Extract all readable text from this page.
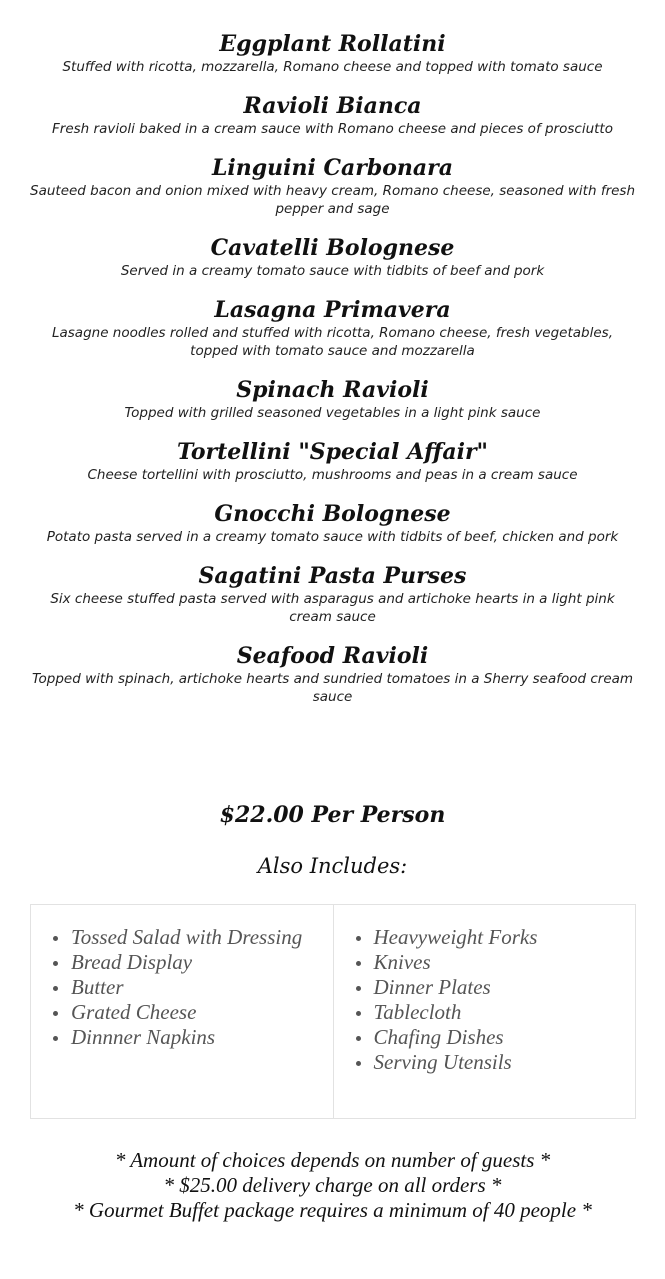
Eggplant Rollatini

Stuffed with ricotta, mozzarella, Romano cheese and topped with tomato sauce

Ravioli Bianca

Fresh ravioli baked in a cream sauce with Romano cheese and pieces of prosciutto

Linguini Carbonara

Sauteed bacon and onion mixed with heavy cream, Romano cheese, seasoned with fresh pepper and sage

Cavatelli Bolognese

Served in a creamy tomato sauce with tidbits of beef and pork

Lasagna Primavera

Lasagne noodles rolled and stuffed with ricotta, Romano cheese, fresh vegetables, topped with tomato sauce and mozzarella

Spinach Ravioli

Topped with grilled seasoned vegetables in a light pink sauce

Tortellini "Special Affair"

Cheese tortellini with prosciutto, mushrooms and peas in a cream sauce

Gnocchi Bolognese

Potato pasta served in a creamy tomato sauce with tidbits of beef, chicken and pork

Sagatini Pasta Purses

Six cheese stuffed pasta served with asparagus and artichoke hearts in a light pink cream sauce

Seafood Ravioli

Topped with spinach, artichoke hearts and sundried tomatoes in a Sherry seafood cream sauce

$22.00 Per Person

Also Includes:

Tossed Salad with Dressing
Bread Display
Butter
Grated Cheese
Dinnner Napkins
Heavyweight Forks
Knives
Dinner Plates
Tablecloth
Chafing Dishes
Serving Utensils

* Amount of choices depends on number of guests *

* $25.00 delivery charge on all orders *

* Gourmet Buffet package requires a minimum of 40 people *
